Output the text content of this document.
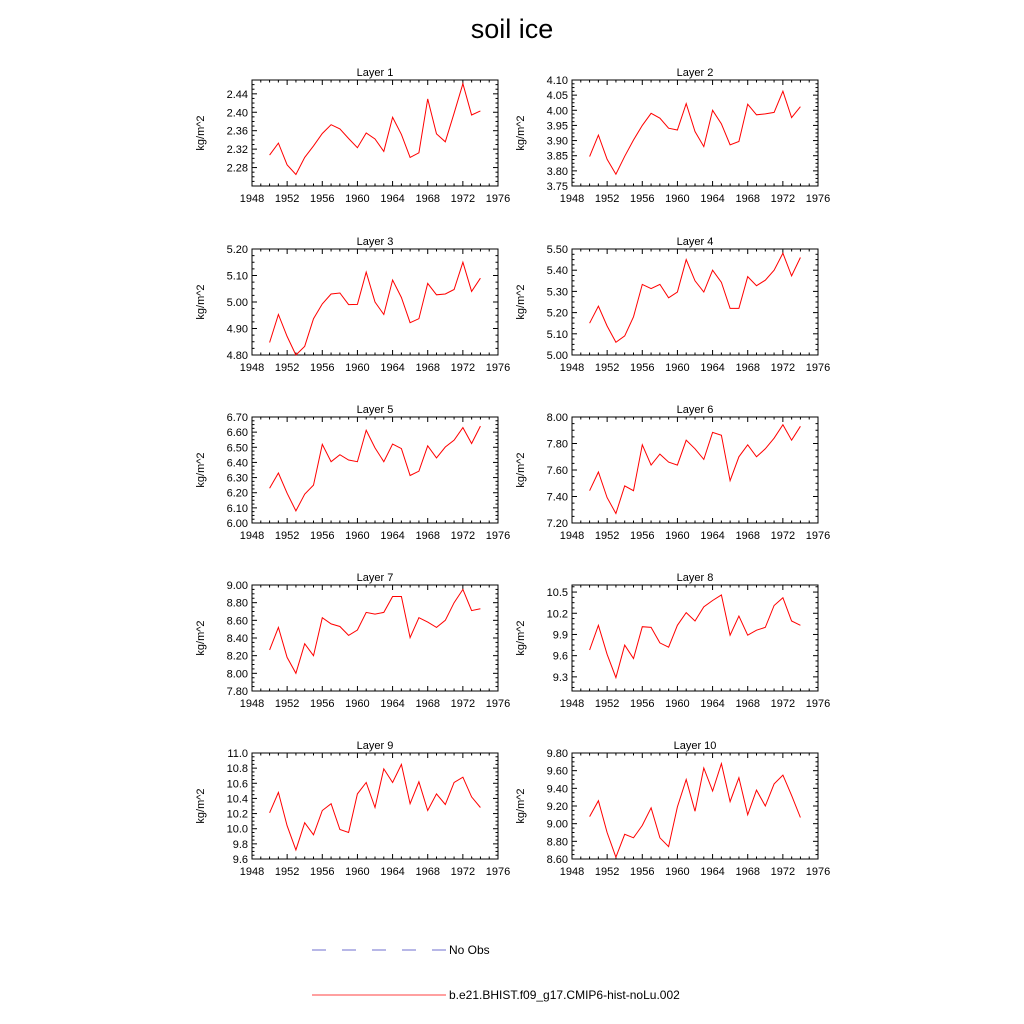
soil ice
Layer 1
1948 1952 1956 1960 1964 1968 1972 1976
2.28
2.32
2.36
2.40
2.44
kg/m^2
Layer 2
1948 1952 1956 1960 1964 1968 1972 1976
3.75
3.80
3.85
3.90
3.95
4.00
4.05
4.10
kg/m^2
Layer 3
1948 1952 1956 1960 1964 1968 1972 1976
4.80
4.90
5.00
5.10
5.20
kg/m^2
Layer 4
1948 1952 1956 1960 1964 1968 1972 1976
5.00
5.10
5.20
5.30
5.40
5.50
kg/m^2
Layer 5
1948 1952 1956 1960 1964 1968 1972 1976
6.00
6.10
6.20
6.30
6.40
6.50
6.60
6.70
kg/m^2
Layer 6
1948 1952 1956 1960 1964 1968 1972 1976
7.20
7.40
7.60
7.80
8.00
kg/m^2
Layer 7
1948 1952 1956 1960 1964 1968 1972 1976
7.80
8.00
8.20
8.40
8.60
8.80
9.00
kg/m^2
Layer 8
1948 1952 1956 1960 1964 1968 1972 1976
9.3
9.6
9.9
10.2
10.5
kg/m^2
Layer 9
1948 1952 1956 1960 1964 1968 1972 1976
9.6
9.8
10.0
10.2
10.4
10.6
10.8
11.0
kg/m^2
Layer 10
1948 1952 1956 1960 1964 1968 1972 1976
8.60
8.80
9.00
9.20
9.40
9.60
9.80
kg/m^2
No Obs
b.e21.BHIST.f09_g17.CMIP6-hist-noLu.002
